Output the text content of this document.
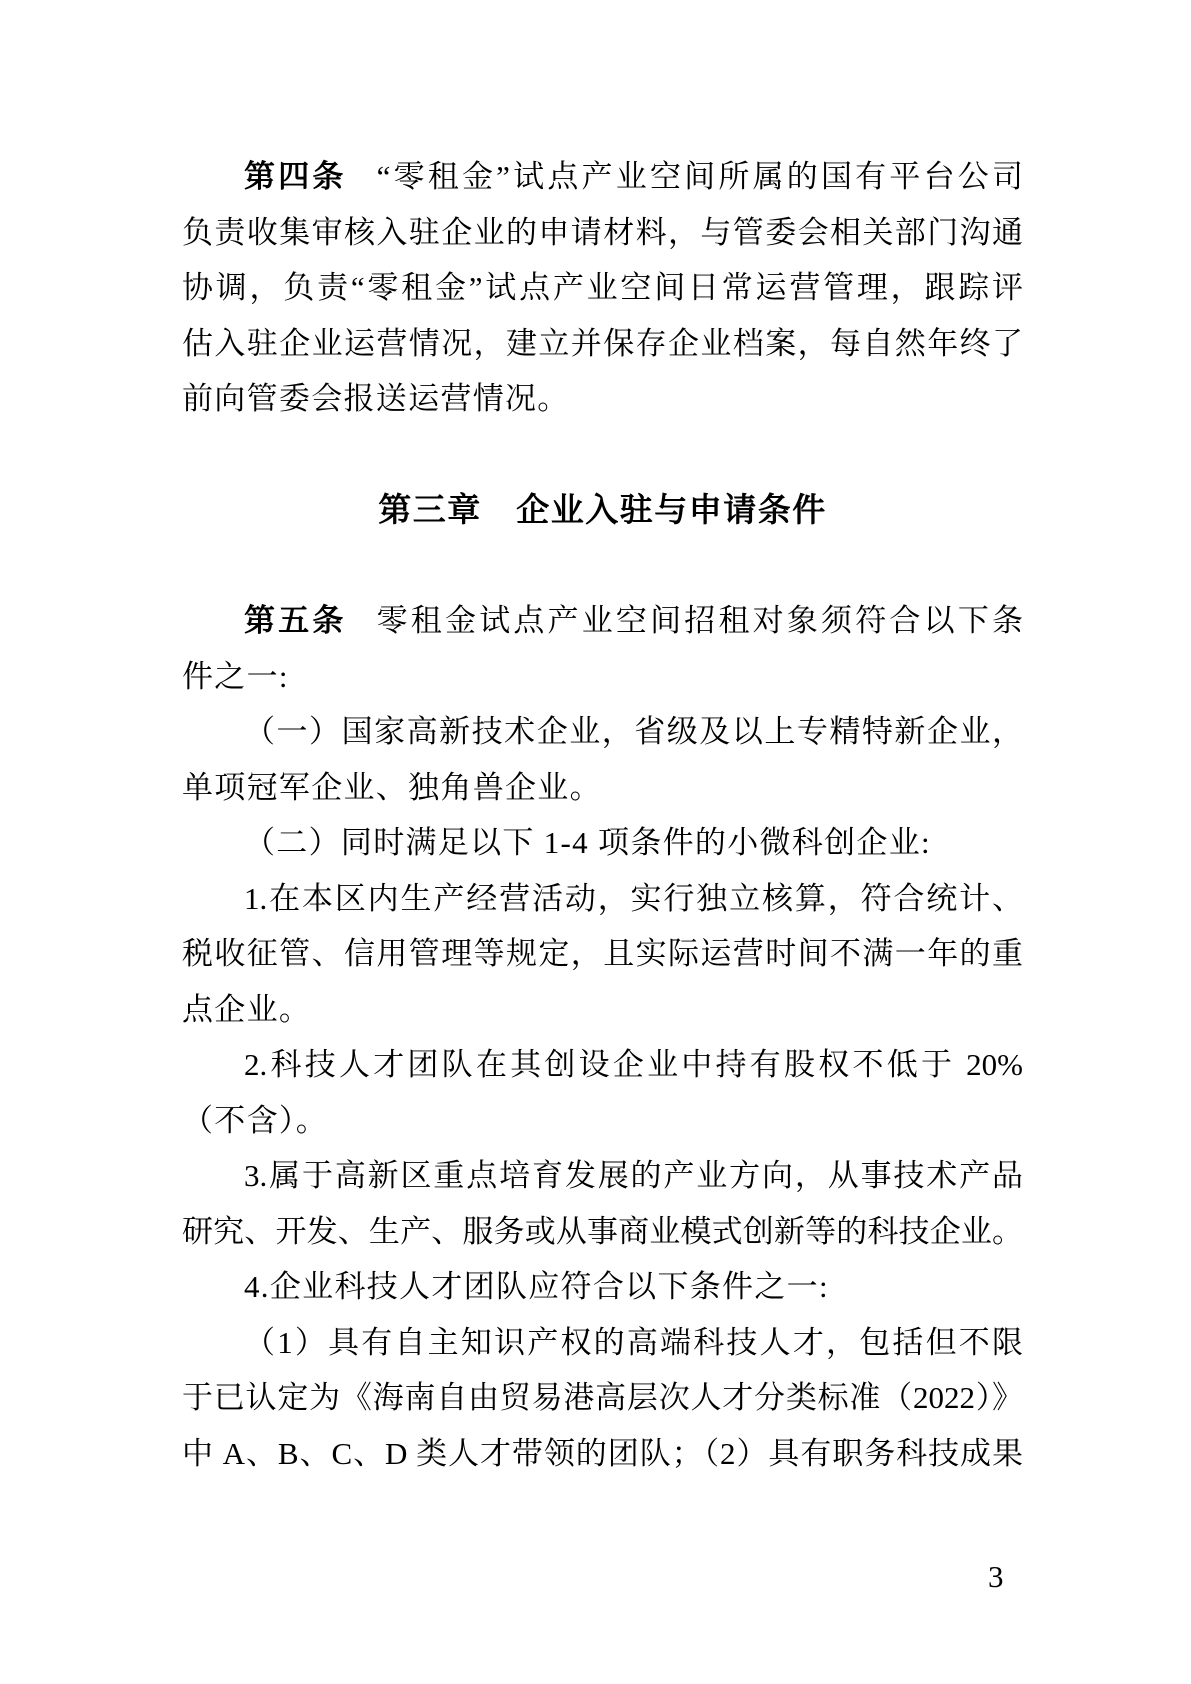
第四条 “零租金”试点产业空间所属的国有平台公司
负责收集审核入驻企业的申请材料，与管委会相关部门沟通
协调，负责“零租金”试点产业空间日常运营管理，跟踪评
估入驻企业运营情况，建立并保存企业档案，每自然年终了
前向管委会报送运营情况。
第三章　企业入驻与申请条件
第五条 零租金试点产业空间招租对象须符合以下条
件之一:
（一）国家高新技术企业，省级及以上专精特新企业，
单项冠军企业、独角兽企业。
（二）同时满足以下 1-4 项条件的小微科创企业:
1.在本区内生产经营活动，实行独立核算，符合统计、
税收征管、信用管理等规定，且实际运营时间不满一年的重
点企业。
2.科技人才团队在其创设企业中持有股权不低于 20%
（不含）。
3.属于高新区重点培育发展的产业方向，从事技术产品
研究、开发、生产、服务或从事商业模式创新等的科技企业。
4.企业科技人才团队应符合以下条件之一:
（1）具有自主知识产权的高端科技人才，包括但不限
于已认定为《海南自由贸易港高层次人才分类标准（2022）》
中 A、B、C、D 类人才带领的团队；（2）具有职务科技成果
3
